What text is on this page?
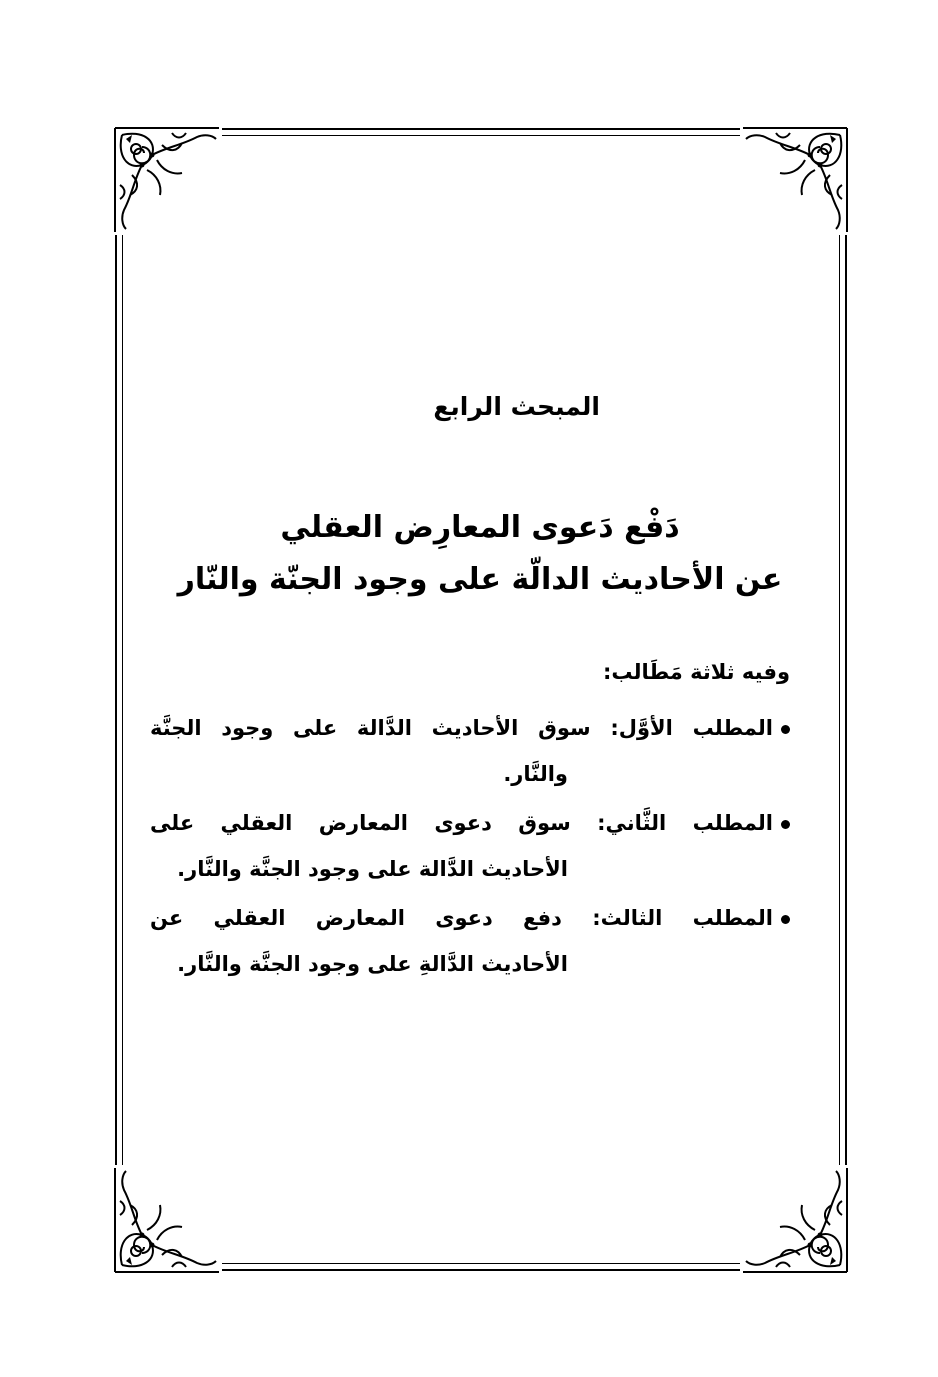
المبحث الرابع
دَفْع دَعوى المعارِض العقلي
عن الأحاديث الدالّة على وجود الجنّة والنّار
وفيه ثلاثة مَطَالب:
المطلب الأوَّل: سوق الأحاديث الدَّالة على وجود الجنَّة
والنَّار.
المطلب الثَّاني: سوق دعوى المعارض العقلي على
الأحاديث الدَّالة على وجود الجنَّة والنَّار.
المطلب الثالث: دفع دعوى المعارض العقلي عن
الأحاديث الدَّالةِ على وجود الجنَّة والنَّار.
